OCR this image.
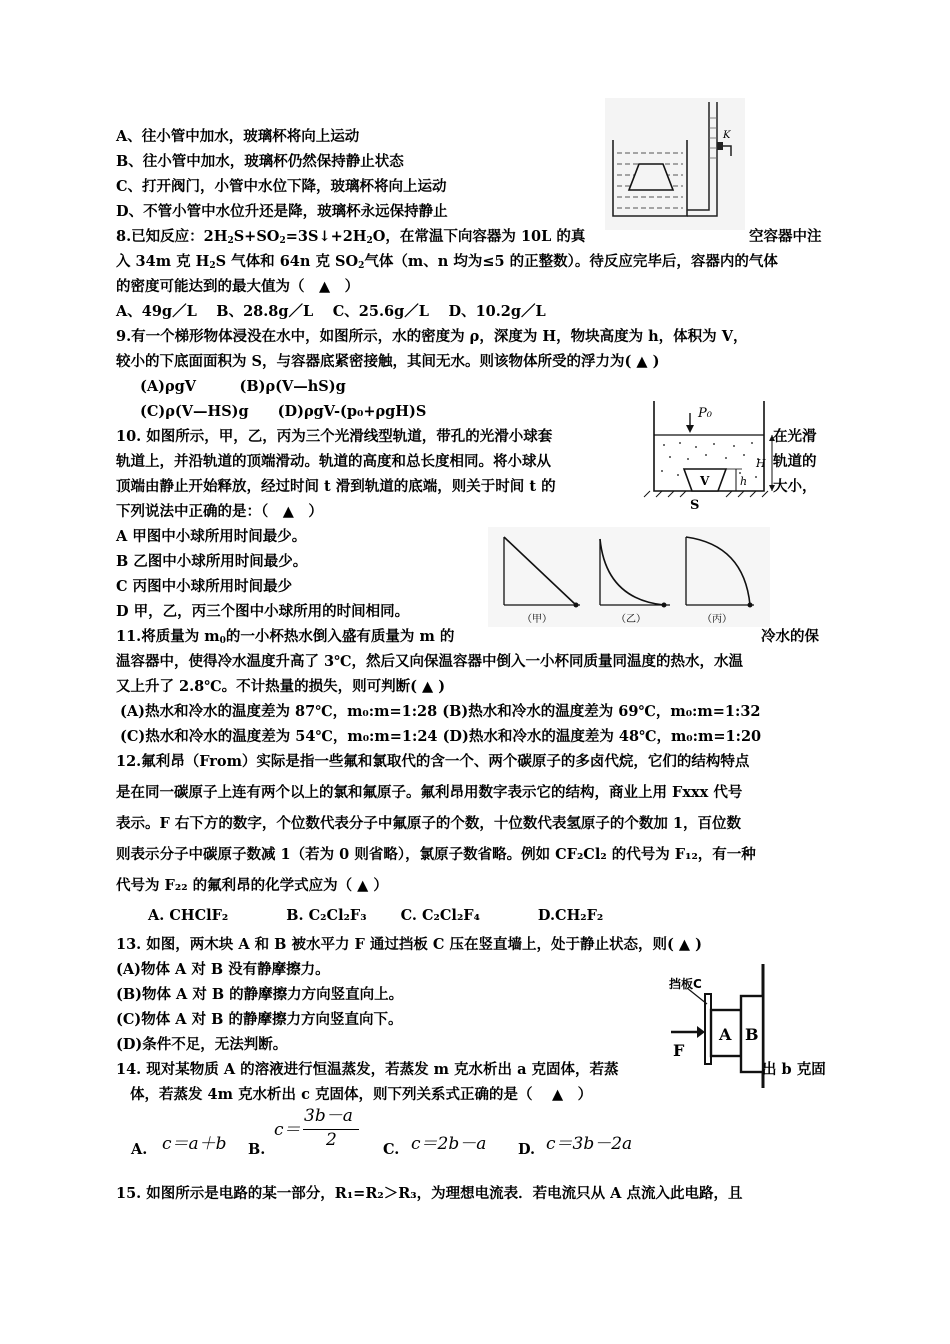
A、往小管中加水，玻璃杯将向上运动
B、往小管中加水，玻璃杯仍然保持静止状态
C、打开阀门，小管中水位下降，玻璃杯将向上运动
D、不管小管中水位升还是降，玻璃杯永远保持静止
K
8.已知反应：$2H_2S+SO_2=3S↓+2H_2O$，在常温下向容器为 10L 的真	空容器中注
入 34m 克 $H_2S$ 气体和 64n 克 $SO_2$气体（m、n 均为≤5 的正整数）。待反应完毕后，容器内的气体
的密度可能达到的最大值为（　▲　）
A、49g／L　 B、28.8g／L　 C、25.6g／L　 D、10.2g／L
9.有一个梯形物体浸没在水中，如图所示，水的密度为 ρ，深度为 H，物块高度为 h，体积为 V，
较小的下底面面积为 S，与容器底紧密接触，其间无水。则该物体所受的浮力为( ▲ )
(A)ρgV　　　(B)ρ(V—hS)g
(C)ρ(V—HS)g　　(D)ρgV-(p₀+ρgH)S	P₀
V
S
H
h
10. 如图所示，甲，乙，丙为三个光滑线型轨道，带孔的光滑小球套	在光滑
轨道上，并沿轨道的顶端滑动。轨道的高度和总长度相同。将小球从	轨道的
顶端由静止开始释放，经过时间 t 滑到轨道的底端，则关于时间 t 的	大小，
下列说法中正确的是：（　▲　）
A 甲图中小球所用时间最少。
B 乙图中小球所用时间最少。
C 丙图中小球所用时间最少
D 甲，乙，丙三个图中小球所用的时间相同。	（甲）	（乙）	（丙）
11.将质量为 $m_0$的一小杯热水倒入盛有质量为 m 的	冷水的保
温容器中，使得冷水温度升高了 3℃，然后又向保温容器中倒入一小杯同质量同温度的热水，水温
又上升了 2.8℃。不计热量的损失，则可判断( ▲ )
(A)热水和冷水的温度差为 87℃，m₀:m=1:28 (B)热水和冷水的温度差为 69℃，m₀:m=1:32
(C)热水和冷水的温度差为 54℃，m₀:m=1:24 (D)热水和冷水的温度差为 48℃，m₀:m=1:20
12.氟利昂（From）实际是指一些氟和氯取代的含一个、两个碳原子的多卤代烷，它们的结构特点
是在同一碳原子上连有两个以上的氯和氟原子。氟利昂用数字表示它的结构，商业上用 Fxxx 代号
表示。F 右下方的数字，个位数代表分子中氟原子的个数，十位数代表氢原子的个数加 1，百位数
则表示分子中碳原子数减 1（若为 0 则省略），氯原子数省略。例如 CF₂Cl₂ 的代号为 F₁₂，有一种
代号为 F₂₂ 的氟利昂的化学式应为（ ▲ ）
A. CHClF₂　　　　B. C₂Cl₂F₃　　 C. C₂Cl₂F₄　　　　D.CH₂F₂
13. 如图，两木块 A 和 B 被水平力 F 通过挡板 C 压在竖直墙上，处于静止状态，则( ▲ )
(A)物体 A 对 B 没有静摩擦力。
(B)物体 A 对 B 的静摩擦力方向竖直向上。
(C)物体 A 对 B 的静摩擦力方向竖直向下。
(D)条件不足，无法判断。
A B
挡板C
F
14. 现对某物质 A 的溶液进行恒温蒸发，若蒸发 m 克水析出 a 克固体，若蒸	出 b 克固
体，若蒸发 4m 克水析出 c 克固体，则下列关系式正确的是（　 ▲　）
A. c＝a＋b B.
c＝
3b－a
2	C. c＝2b－a D. c＝3b－2a
15. 如图所示是电路的某一部分，R₁=R₂＞R₃，为理想电流表．若电流只从 A 点流入此电路，且
